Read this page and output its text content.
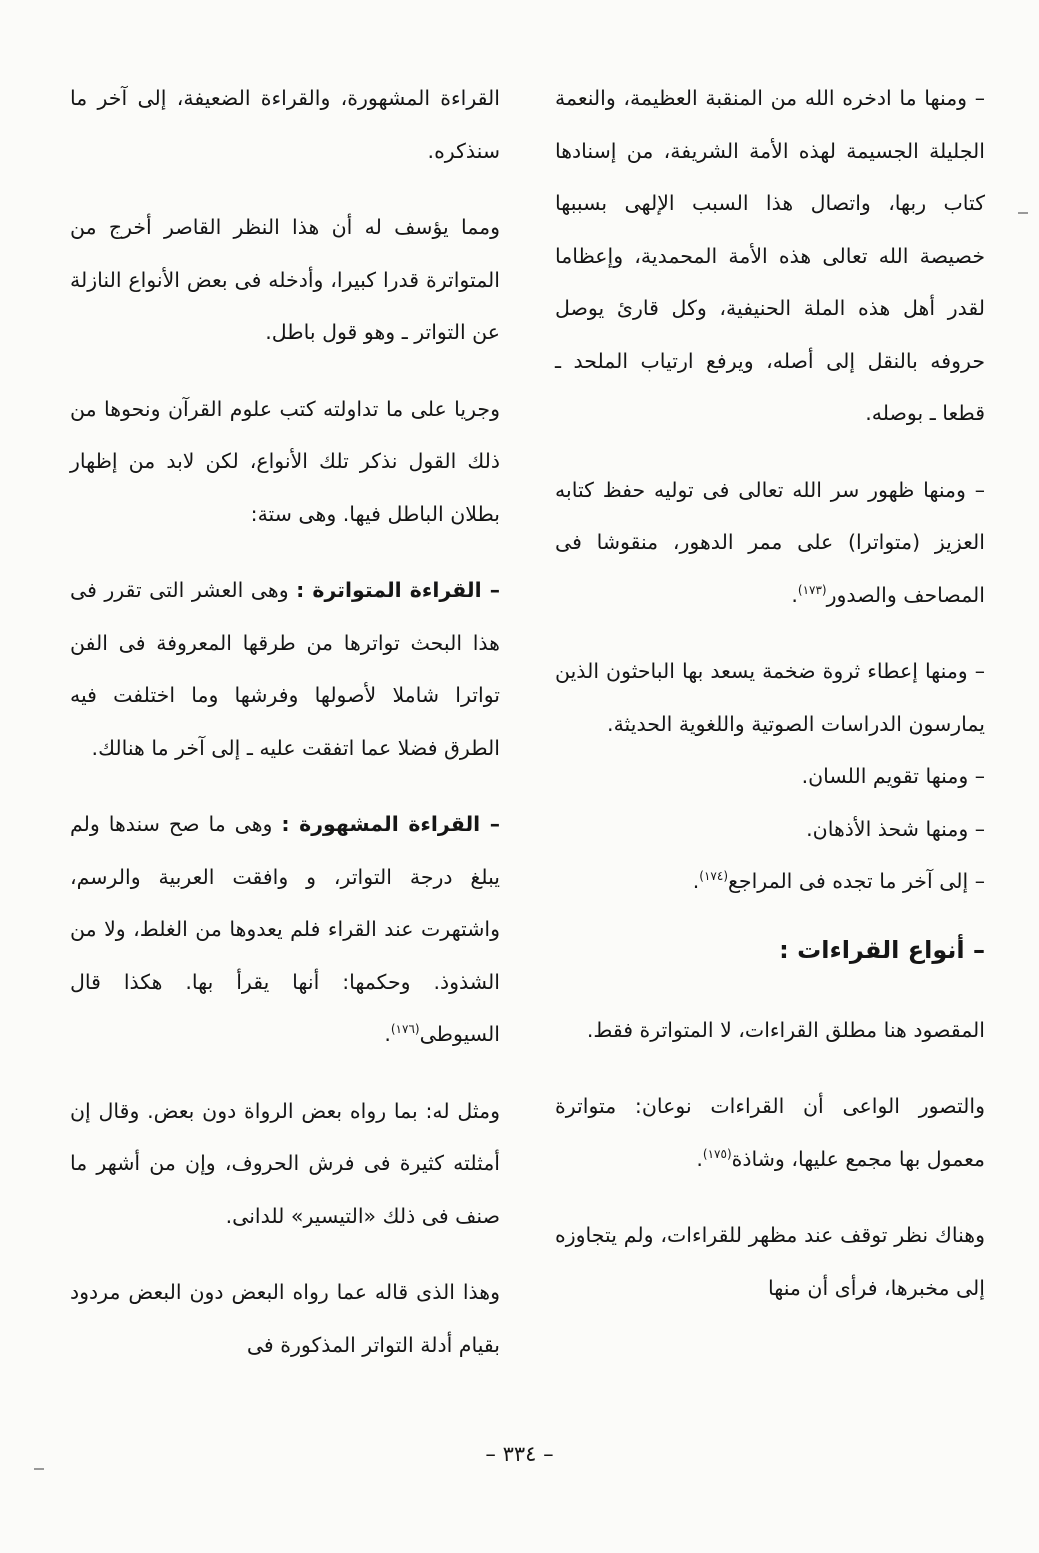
– ومنها ما ادخره الله من المنقبة العظيمة، والنعمة الجليلة الجسيمة لهذه الأمة الشريفة، من إسنادها كتاب ربها، واتصال هذا السبب الإلهى بسببها خصيصة الله تعالى هذه الأمة المحمدية، وإعظاما لقدر أهل هذه الملة الحنيفية، وكل قارئ يوصل حروفه بالنقل إلى أصله، ويرفع ارتياب الملحد ـ قطعا ـ بوصله.

– ومنها ظهور سر الله تعالى فى توليه حفظ كتابه العزيز (متواترا) على ممر الدهور، منقوشا فى المصاحف والصدور$^{(١٧٣)}$.

– ومنها إعطاء ثروة ضخمة يسعد بها الباحثون الذين يمارسون الدراسات الصوتية واللغوية الحديثة.

– ومنها تقويم اللسان.

– ومنها شحذ الأذهان.

– إلى آخر ما تجده فى المراجع$^{(١٧٤)}$.

– أنواع القراءات :

المقصود هنا مطلق القراءات، لا المتواترة فقط.

والتصور الواعى أن القراءات نوعان: متواترة معمول بها مجمع عليها، وشاذة$^{(١٧٥)}$.

وهناك نظر توقف عند مظهر للقراءات، ولم يتجاوزه إلى مخبرها، فرأى أن منها

القراءة المشهورة، والقراءة الضعيفة، إلى آخر ما سنذكره.

ومما يؤسف له أن هذا النظر القاصر أخرج من المتواترة قدرا كبيرا، وأدخله فى بعض الأنواع النازلة عن التواتر ـ وهو قول باطل.

وجريا على ما تداولته كتب علوم القرآن ونحوها من ذلك القول نذكر تلك الأنواع، لكن لابد من إظهار بطلان الباطل فيها. وهى ستة:

– القراءة المتواترة : وهى العشر التى تقرر فى هذا البحث تواترها من طرقها المعروفة فى الفن تواترا شاملا لأصولها وفرشها وما اختلفت فيه الطرق فضلا عما اتفقت عليه ـ إلى آخر ما هنالك.

– القراءة المشهورة : وهى ما صح سندها ولم يبلغ درجة التواتر، و وافقت العربية والرسم، واشتهرت عند القراء فلم يعدوها من الغلط، ولا من الشذوذ. وحكمها: أنها يقرأ بها. هكذا قال السيوطى$^{(١٧٦)}$.

ومثل له: بما رواه بعض الرواة دون بعض. وقال إن أمثلته كثيرة فى فرش الحروف، وإن من أشهر ما صنف فى ذلك «التيسير» للدانى.

وهذا الذى قاله عما رواه البعض دون البعض مردود بقيام أدلة التواتر المذكورة فى

– ٣٣٤ –
